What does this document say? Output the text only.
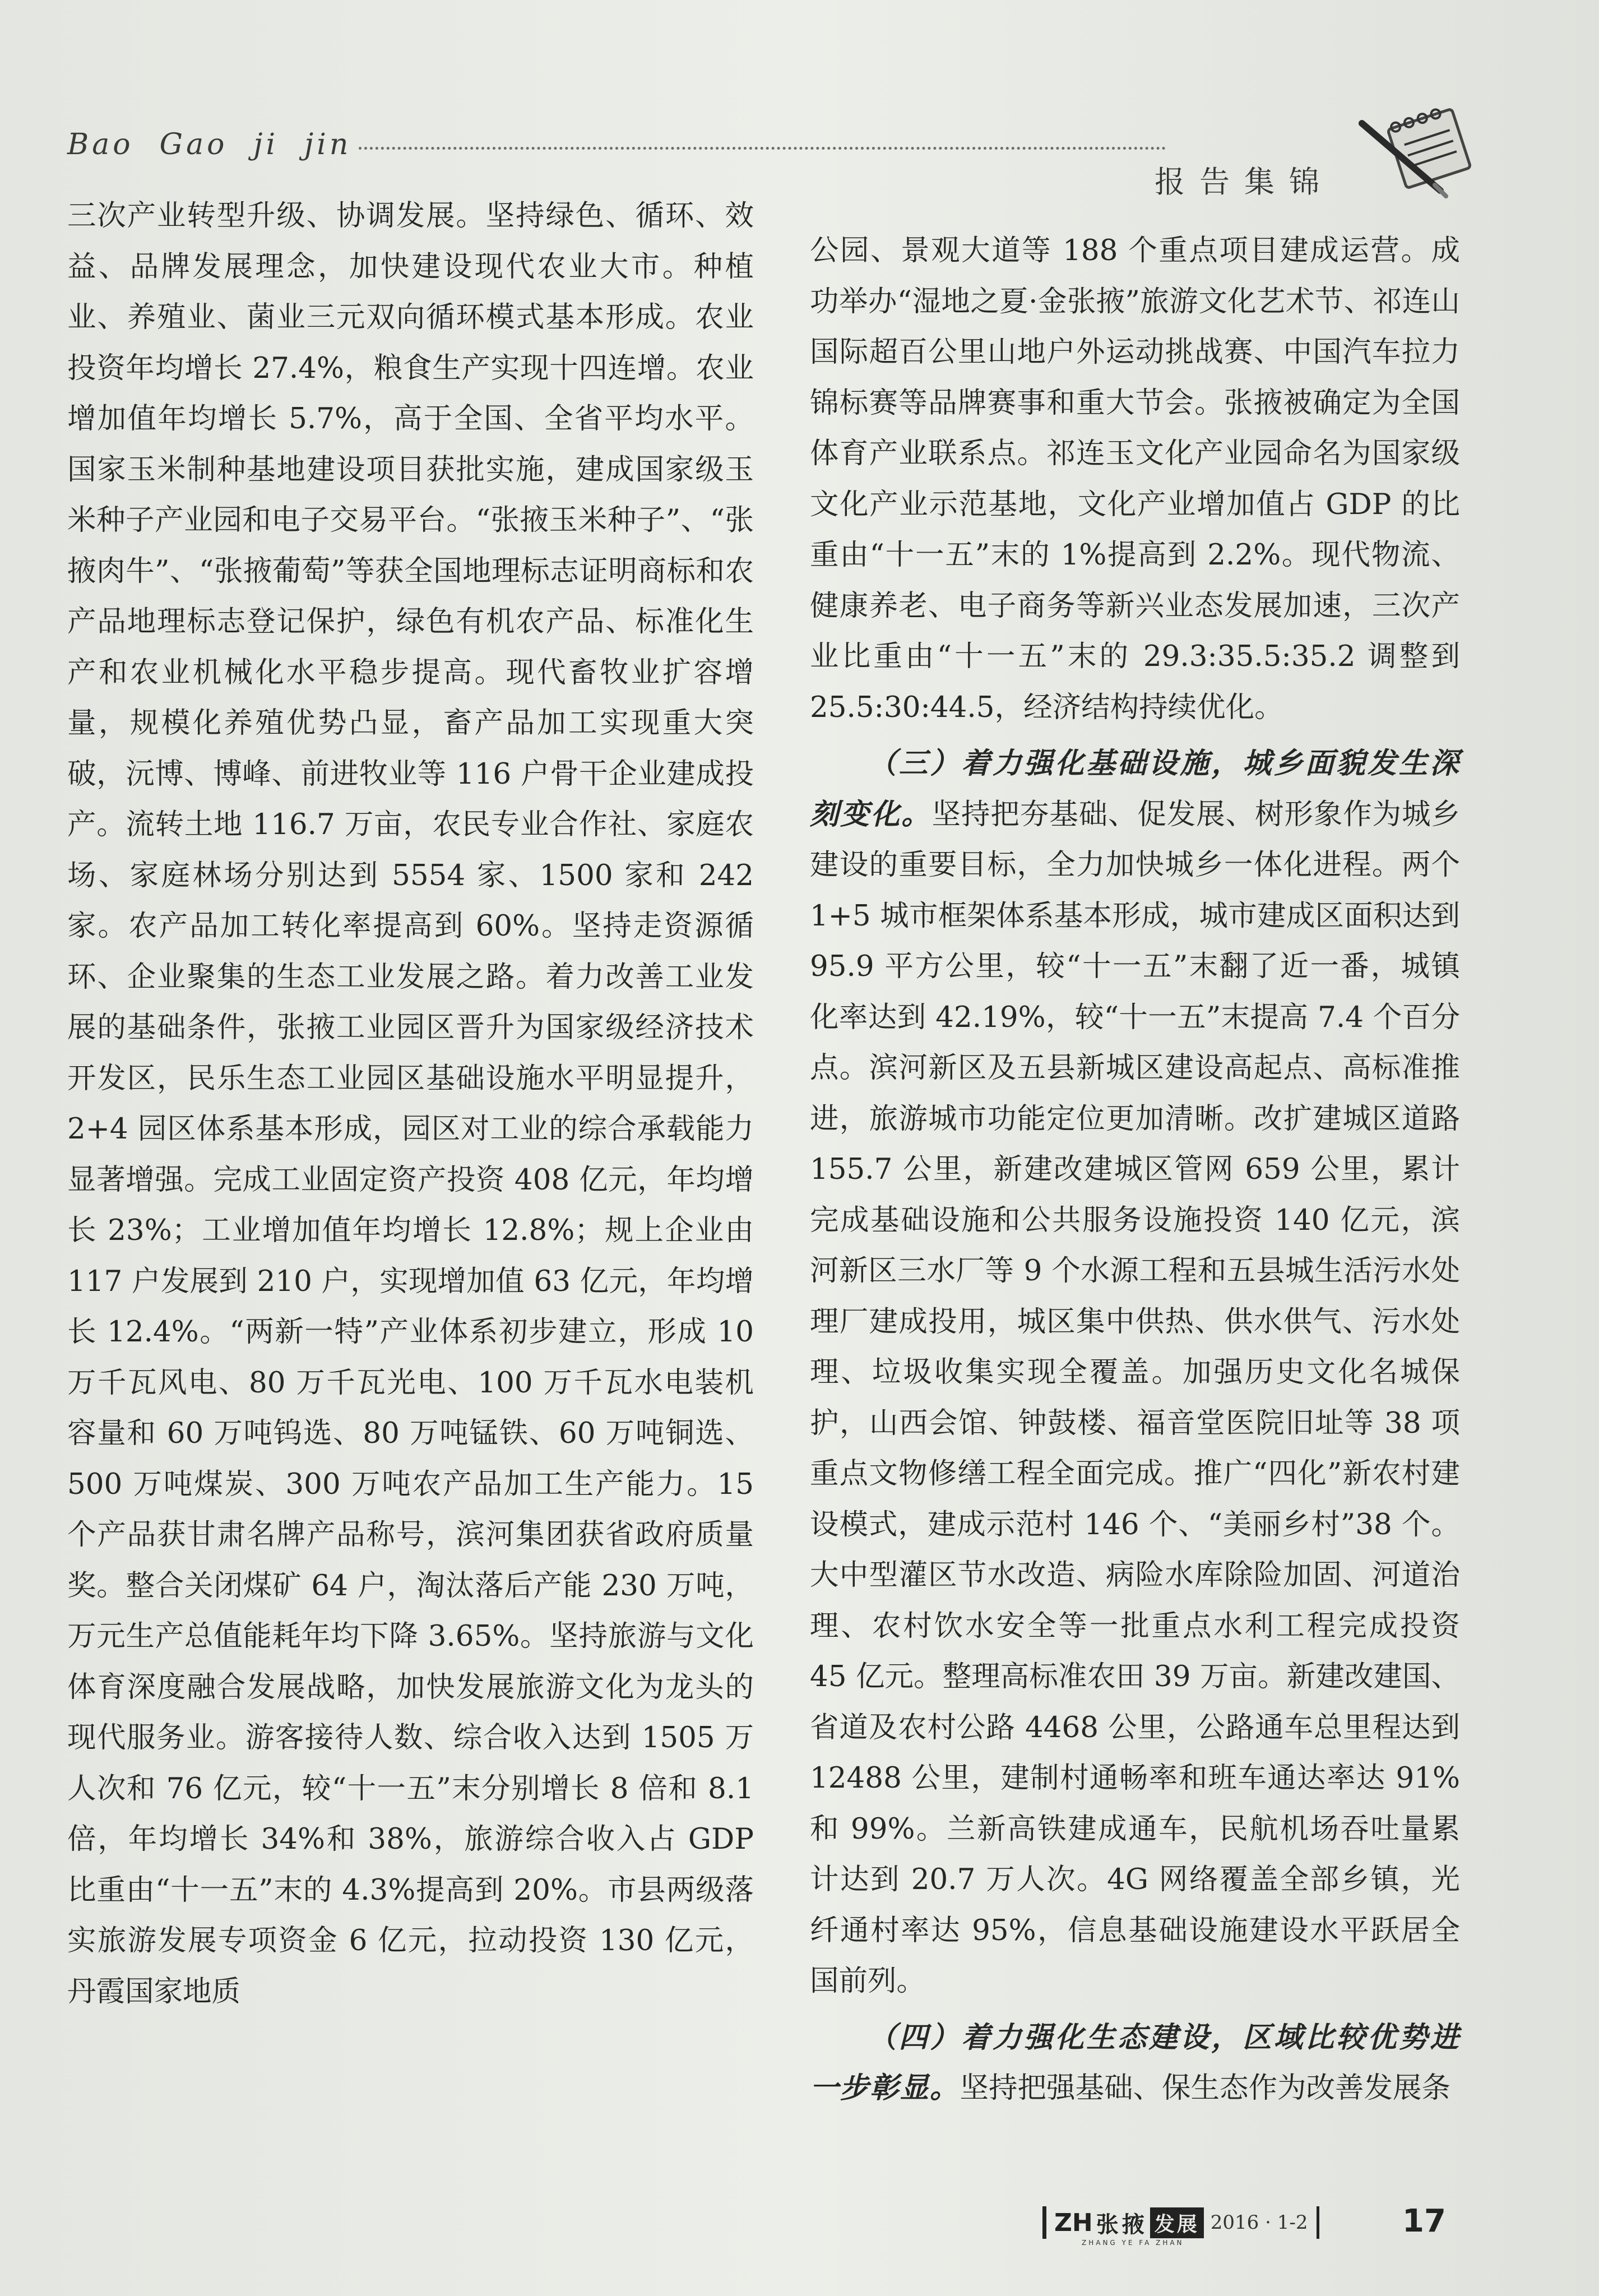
Bao Gao ji jin
报告集锦

三次产业转型升级、协调发展。坚持绿色、循环、效益、品牌发展理念，加快建设现代农业大市。种植业、养殖业、菌业三元双向循环模式基本形成。农业投资年均增长 27.4%，粮食生产实现十四连增。农业增加值年均增长 5.7%，高于全国、全省平均水平。国家玉米制种基地建设项目获批实施，建成国家级玉米种子产业园和电子交易平台。“张掖玉米种子”、“张掖肉牛”、“张掖葡萄”等获全国地理标志证明商标和农产品地理标志登记保护，绿色有机农产品、标准化生产和农业机械化水平稳步提高。现代畜牧业扩容增量，规模化养殖优势凸显，畜产品加工实现重大突破，沅博、博峰、前进牧业等 116 户骨干企业建成投产。流转土地 116.7 万亩，农民专业合作社、家庭农场、家庭林场分别达到 5554 家、1500 家和 242 家。农产品加工转化率提高到 60%。坚持走资源循环、企业聚集的生态工业发展之路。着力改善工业发展的基础条件，张掖工业园区晋升为国家级经济技术开发区，民乐生态工业园区基础设施水平明显提升，2+4 园区体系基本形成，园区对工业的综合承载能力显著增强。完成工业固定资产投资 408 亿元，年均增长 23%；工业增加值年均增长 12.8%；规上企业由 117 户发展到 210 户，实现增加值 63 亿元，年均增长 12.4%。“两新一特”产业体系初步建立，形成 10 万千瓦风电、80 万千瓦光电、100 万千瓦水电装机容量和 60 万吨钨选、80 万吨锰铁、60 万吨铜选、500 万吨煤炭、300 万吨农产品加工生产能力。15 个产品获甘肃名牌产品称号，滨河集团获省政府质量奖。整合关闭煤矿 64 户，淘汰落后产能 230 万吨，万元生产总值能耗年均下降 3.65%。坚持旅游与文化体育深度融合发展战略，加快发展旅游文化为龙头的现代服务业。游客接待人数、综合收入达到 1505 万人次和 76 亿元，较“十一五”末分别增长 8 倍和 8.1 倍，年均增长 34%和 38%，旅游综合收入占 GDP 比重由“十一五”末的 4.3%提高到 20%。市县两级落实旅游发展专项资金 6 亿元，拉动投资 130 亿元，丹霞国家地质

公园、景观大道等 188 个重点项目建成运营。成功举办“湿地之夏·金张掖”旅游文化艺术节、祁连山国际超百公里山地户外运动挑战赛、中国汽车拉力锦标赛等品牌赛事和重大节会。张掖被确定为全国体育产业联系点。祁连玉文化产业园命名为国家级文化产业示范基地，文化产业增加值占 GDP 的比重由“十一五”末的 1%提高到 2.2%。现代物流、健康养老、电子商务等新兴业态发展加速，三次产业比重由“十一五”末的 29.3:35.5:35.2 调整到 25.5:30:44.5，经济结构持续优化。

（三）着力强化基础设施，城乡面貌发生深刻变化。坚持把夯基础、促发展、树形象作为城乡建设的重要目标，全力加快城乡一体化进程。两个 1+5 城市框架体系基本形成，城市建成区面积达到 95.9 平方公里，较“十一五”末翻了近一番，城镇化率达到 42.19%，较“十一五”末提高 7.4 个百分点。滨河新区及五县新城区建设高起点、高标准推进，旅游城市功能定位更加清晰。改扩建城区道路 155.7 公里，新建改建城区管网 659 公里，累计完成基础设施和公共服务设施投资 140 亿元，滨河新区三水厂等 9 个水源工程和五县城生活污水处理厂建成投用，城区集中供热、供水供气、污水处理、垃圾收集实现全覆盖。加强历史文化名城保护，山西会馆、钟鼓楼、福音堂医院旧址等 38 项重点文物修缮工程全面完成。推广“四化”新农村建设模式，建成示范村 146 个、“美丽乡村”38 个。大中型灌区节水改造、病险水库除险加固、河道治理、农村饮水安全等一批重点水利工程完成投资 45 亿元。整理高标准农田 39 万亩。新建改建国、省道及农村公路 4468 公里，公路通车总里程达到 12488 公里，建制村通畅率和班车通达率达 91%和 99%。兰新高铁建成通车，民航机场吞吐量累计达到 20.7 万人次。4G 网络覆盖全部乡镇，光纤通村率达 95%，信息基础设施建设水平跃居全国前列。

（四）着力强化生态建设，区域比较优势进一步彰显。坚持把强基础、保生态作为改善发展条

ZH 张掖 发展 2016 · 1-2
ZHANG YE FA ZHAN
17
